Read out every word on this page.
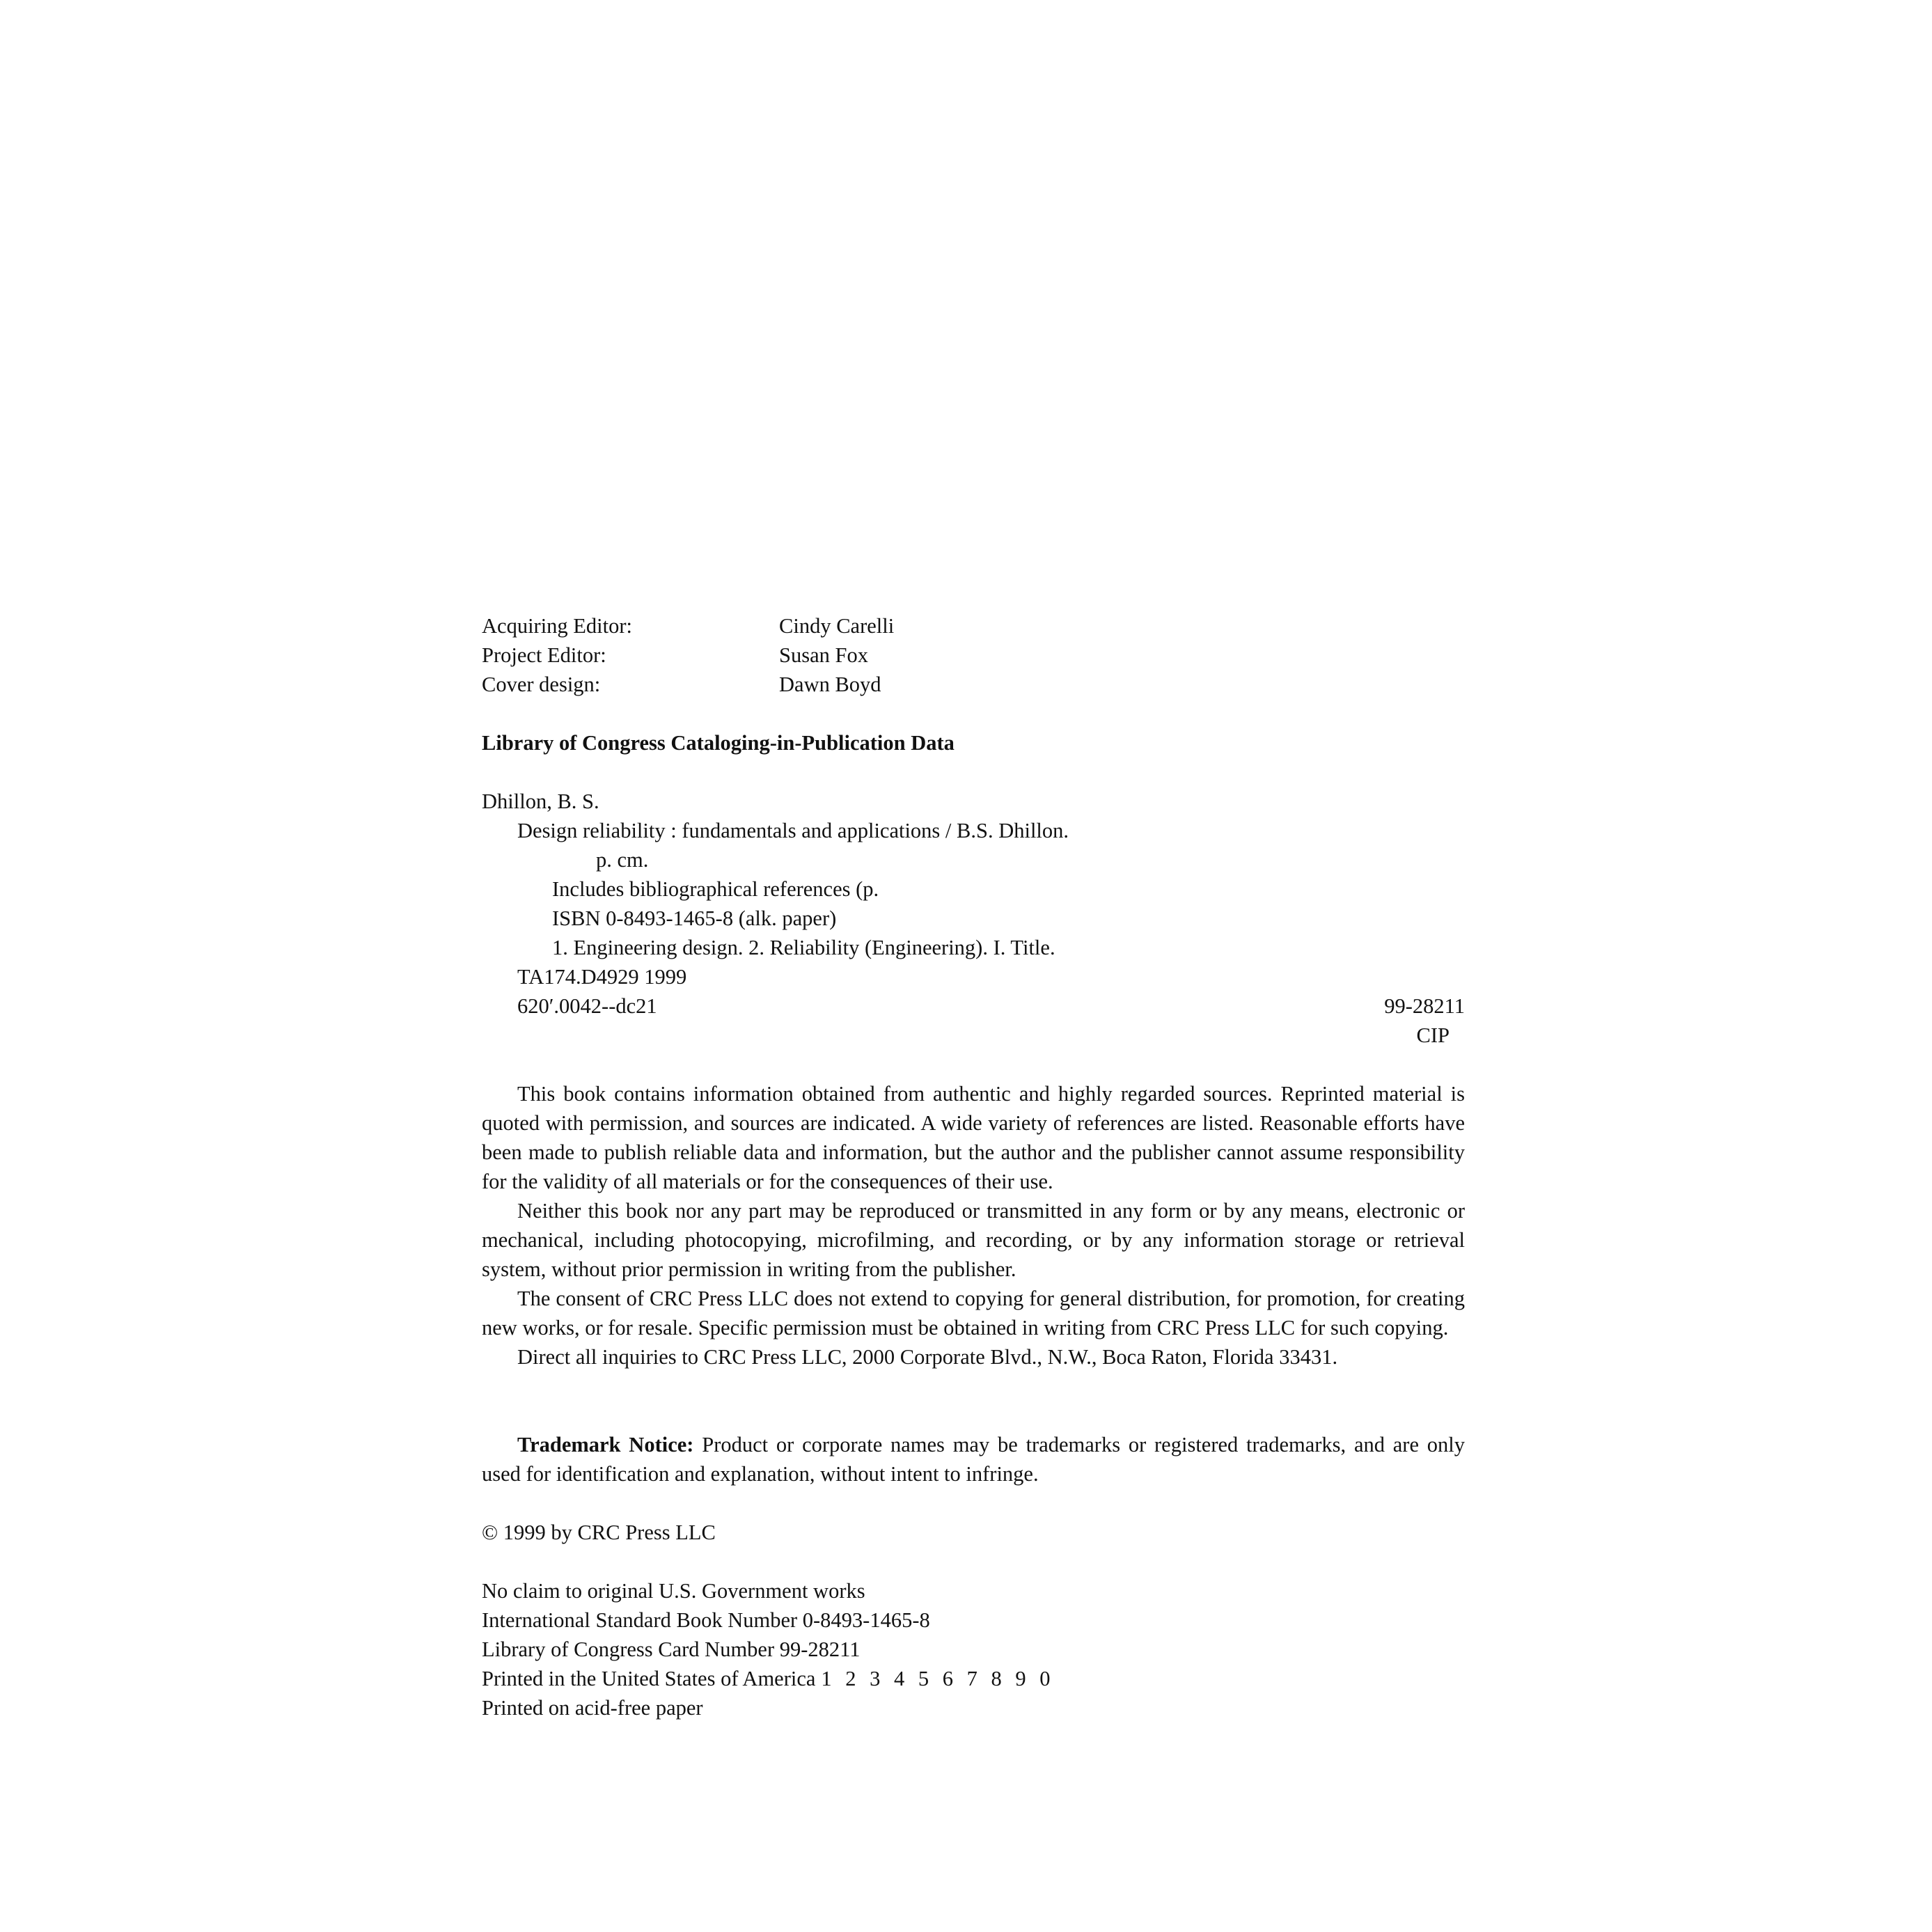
Acquiring Editor:	Cindy Carelli
Project Editor:	Susan Fox
Cover design:	Dawn Boyd
Library of Congress Cataloging-in-Publication Data
Dhillon, B. S.
Design reliability : fundamentals and applications / B.S. Dhillon.
p. cm.
Includes bibliographical references (p.
ISBN 0-8493-1465-8 (alk. paper)
1. Engineering design. 2. Reliability (Engineering). I. Title.
TA174.D4929 1999
620′.0042--dc21	99-28211
CIP

This book contains information obtained from authentic and highly regarded sources. Reprinted material is quoted with permission, and sources are indicated. A wide variety of references are listed. Reasonable efforts have been made to publish reliable data and information, but the author and the publisher cannot assume responsibility for the validity of all materials or for the consequences of their use.

Neither this book nor any part may be reproduced or transmitted in any form or by any means, electronic or mechanical, including photocopying, microfilming, and recording, or by any information storage or retrieval system, without prior permission in writing from the publisher.

The consent of CRC Press LLC does not extend to copying for general distribution, for promotion, for creating new works, or for resale. Specific permission must be obtained in writing from CRC Press LLC for such copying.

Direct all inquiries to CRC Press LLC, 2000 Corporate Blvd., N.W., Boca Raton, Florida 33431.

Trademark Notice: Product or corporate names may be trademarks or registered trademarks, and are only used for identification and explanation, without intent to infringe.

© 1999 by CRC Press LLC
No claim to original U.S. Government works
International Standard Book Number 0-8493-1465-8
Library of Congress Card Number 99-28211
Printed in the United States of America 1 2 3 4 5 6 7 8 9 0
Printed on acid-free paper
